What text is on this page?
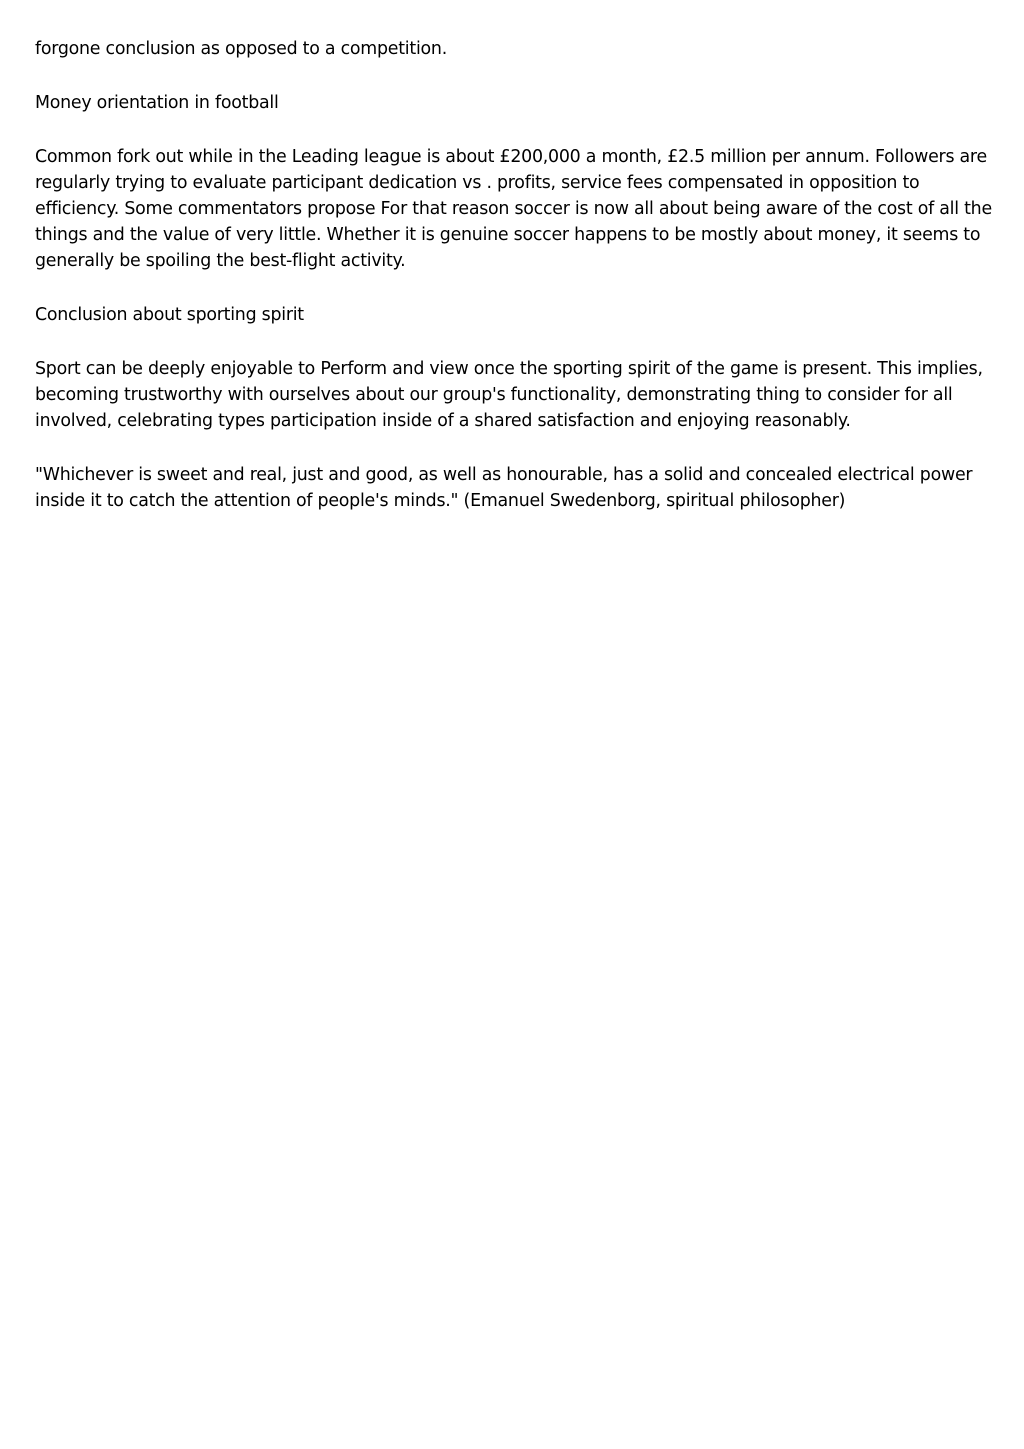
forgone conclusion as opposed to a competition.

Money orientation in football

Common fork out while in the Leading league is about £200,000 a month, £2.5 million per annum. Followers are regularly trying to evaluate participant dedication vs . profits, service fees compensated in opposition to efficiency. Some commentators propose For that reason soccer is now all about being aware of the cost of all the things and the value of very little. Whether it is genuine soccer happens to be mostly about money, it seems to generally be spoiling the best-flight activity.

Conclusion about sporting spirit

Sport can be deeply enjoyable to Perform and view once the sporting spirit of the game is present. This implies, becoming trustworthy with ourselves about our group's functionality, demonstrating thing to consider for all involved, celebrating types participation inside of a shared satisfaction and enjoying reasonably.

"Whichever is sweet and real, just and good, as well as honourable, has a solid and concealed electrical power inside it to catch the attention of people's minds." (Emanuel Swedenborg, spiritual philosopher)
